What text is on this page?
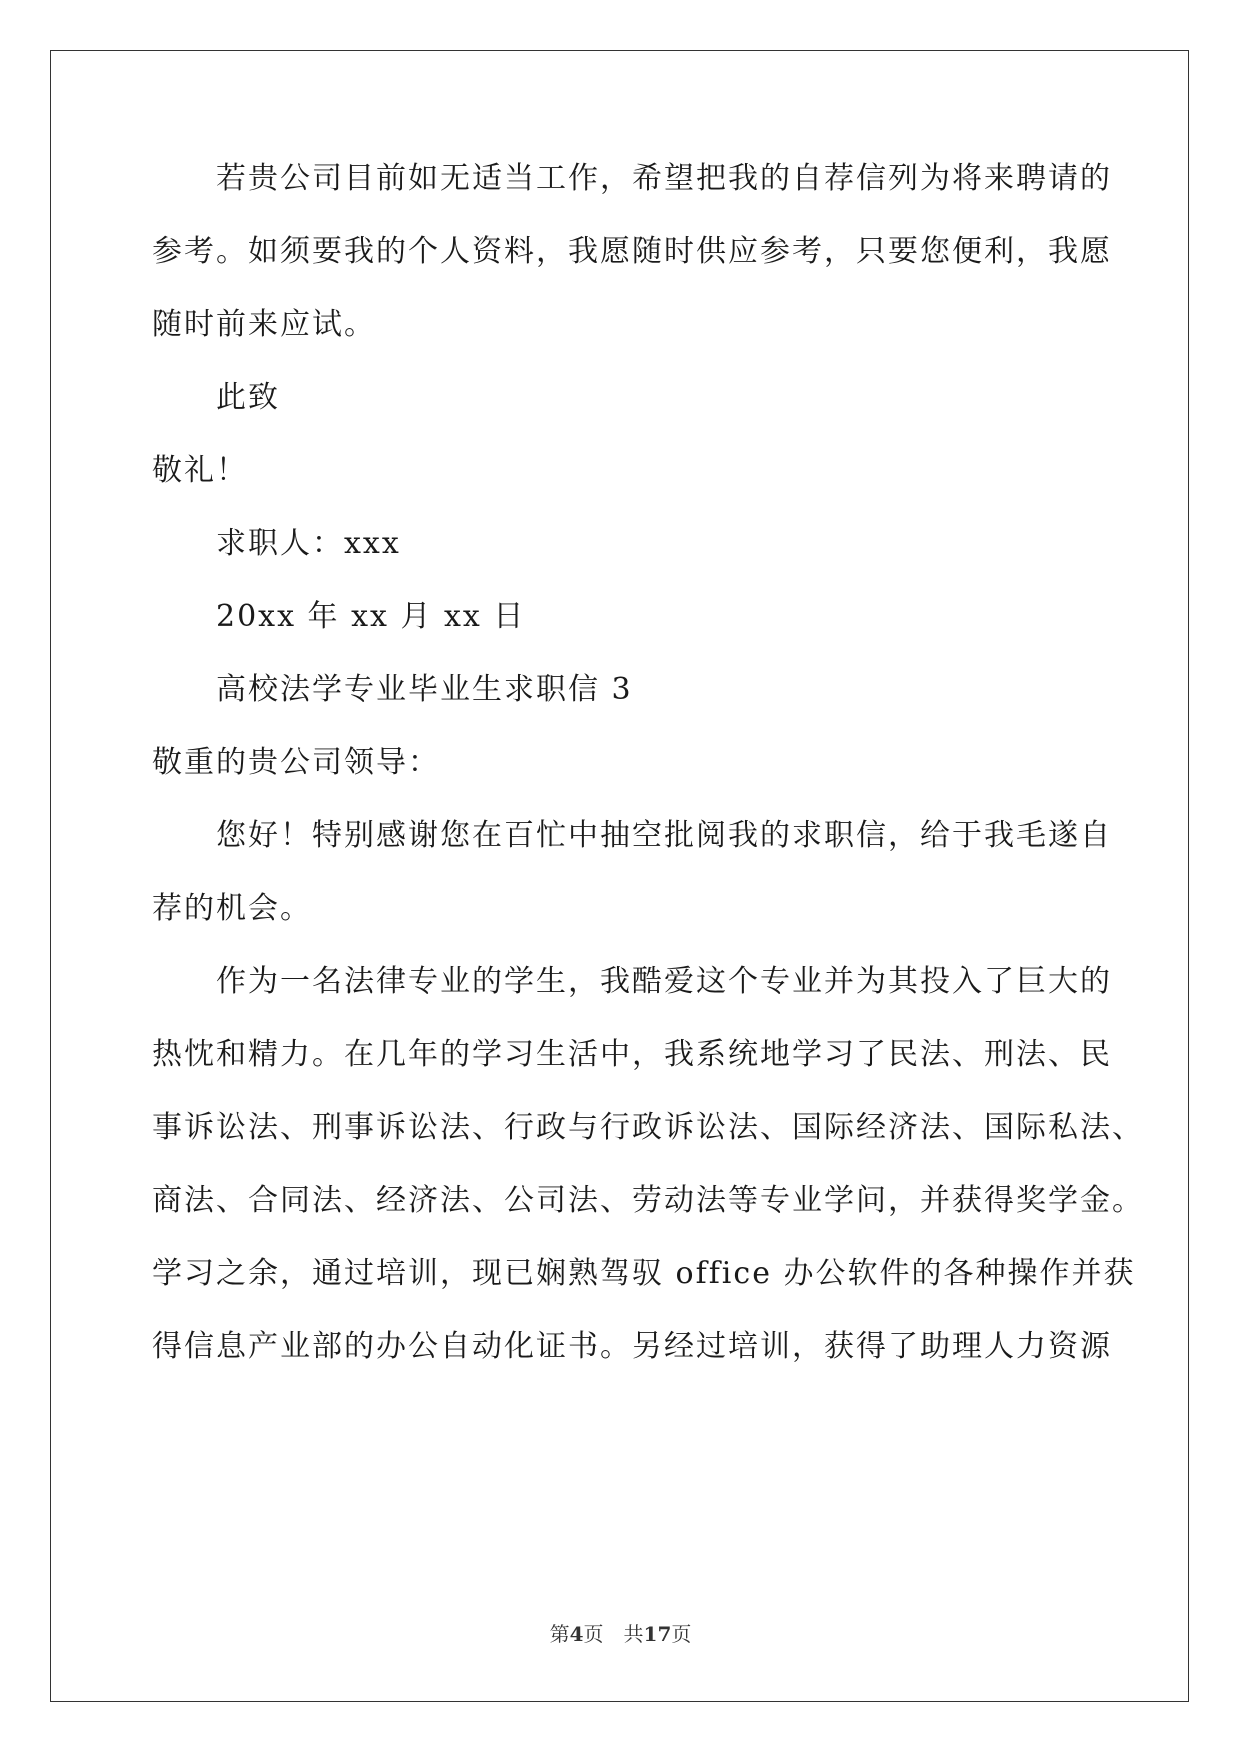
　　若贵公司目前如无适当工作，希望把我的自荐信列为将来聘请的
参考。如须要我的个人资料，我愿随时供应参考，只要您便利，我愿
随时前来应试。
　　此致
敬礼！
　　求职人：xxx
　　20xx 年 xx 月 xx 日
　　高校法学专业毕业生求职信 3
敬重的贵公司领导：
　　您好！特别感谢您在百忙中抽空批阅我的求职信，给于我毛遂自
荐的机会。
　　作为一名法律专业的学生，我酷爱这个专业并为其投入了巨大的
热忱和精力。在几年的学习生活中，我系统地学习了民法、刑法、民
事诉讼法、刑事诉讼法、行政与行政诉讼法、国际经济法、国际私法、
商法、合同法、经济法、公司法、劳动法等专业学问，并获得奖学金。
学习之余，通过培训，现已娴熟驾驭 office 办公软件的各种操作并获
得信息产业部的办公自动化证书。另经过培训，获得了助理人力资源
第4页　共17页
